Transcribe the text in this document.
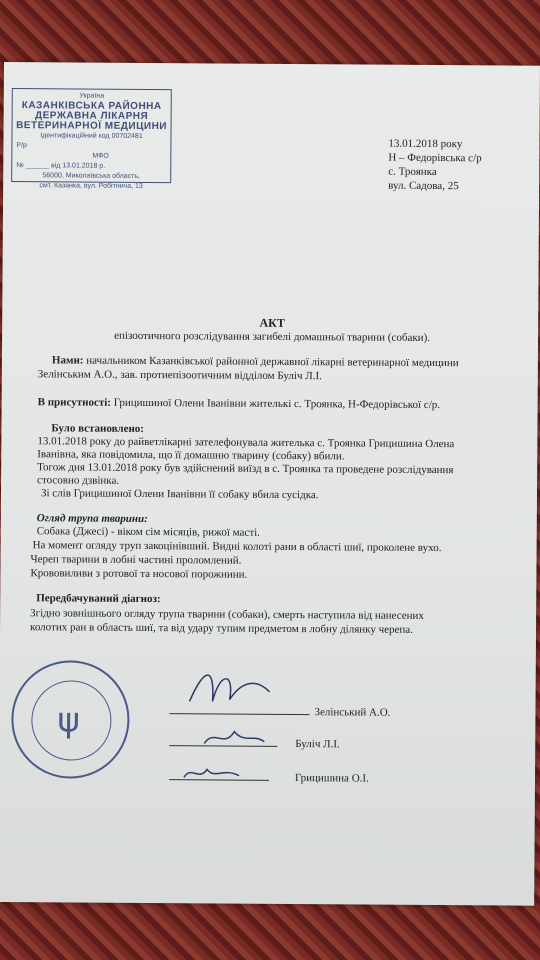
Україна
КАЗАНКІВСЬКА РАЙОННА
ДЕРЖАВНА ЛІКАРНЯ
ВЕТЕРИНАРНОЇ МЕДИЦИНИ
Ідентифікаційний код 00702481
Р/р
МФО
№ ______ від 13.01.2018 р.
56000, Миколаївська область,
смт. Казанка, вул. Робітнича, 13
13.01.2018 року
Н – Федорівська с/р
с. Троянка
вул. Садова, 25
АКТ
епізоотичного розслідування загибелі домашньої тварини (собаки).
Нами: начальником Казанківської районної державної лікарні ветеринарної медицини
Зелінським А.О., зав. протиепізоотичним відділом Буліч Л.І.
В присутності: Грицишиної Олени Іванівни жителькі с. Троянка, Н-Федорівської с/р.
Було встановлено:
13.01.2018 року до райветлікарні зателефонувала жителька с. Троянка Грицишина Олена
Іванівна, яка повідомила, що її домашню тварину (собаку) вбили.
Тогож дня 13.01.2018 року був здійснений виїзд в с. Троянка та проведене розслідування
стосовно дзвінка.
Зі слів Грицишиної Олени Іванівни її собаку вбила сусідка.
Огляд трупа тварини:
Собака (Джесі) - віком сім місяців, рижої масті.
На момент огляду труп закоцінівший. Видні колоті рани в області шиї, проколене вухо.
Череп тварини в лобні частині проломлений.
Крововиливи з ротової та носової порожнини.
Передбачуваний діагноз:
Згідно зовнішнього огляду трупа тварини (собаки), смерть наступила від нанесених
колотих ран в область шиї, та від удару тупим предметом в лобну ділянку черепа.
ψ	Зелінський А.О.
Буліч Л.І.
Грицишина О.І.
